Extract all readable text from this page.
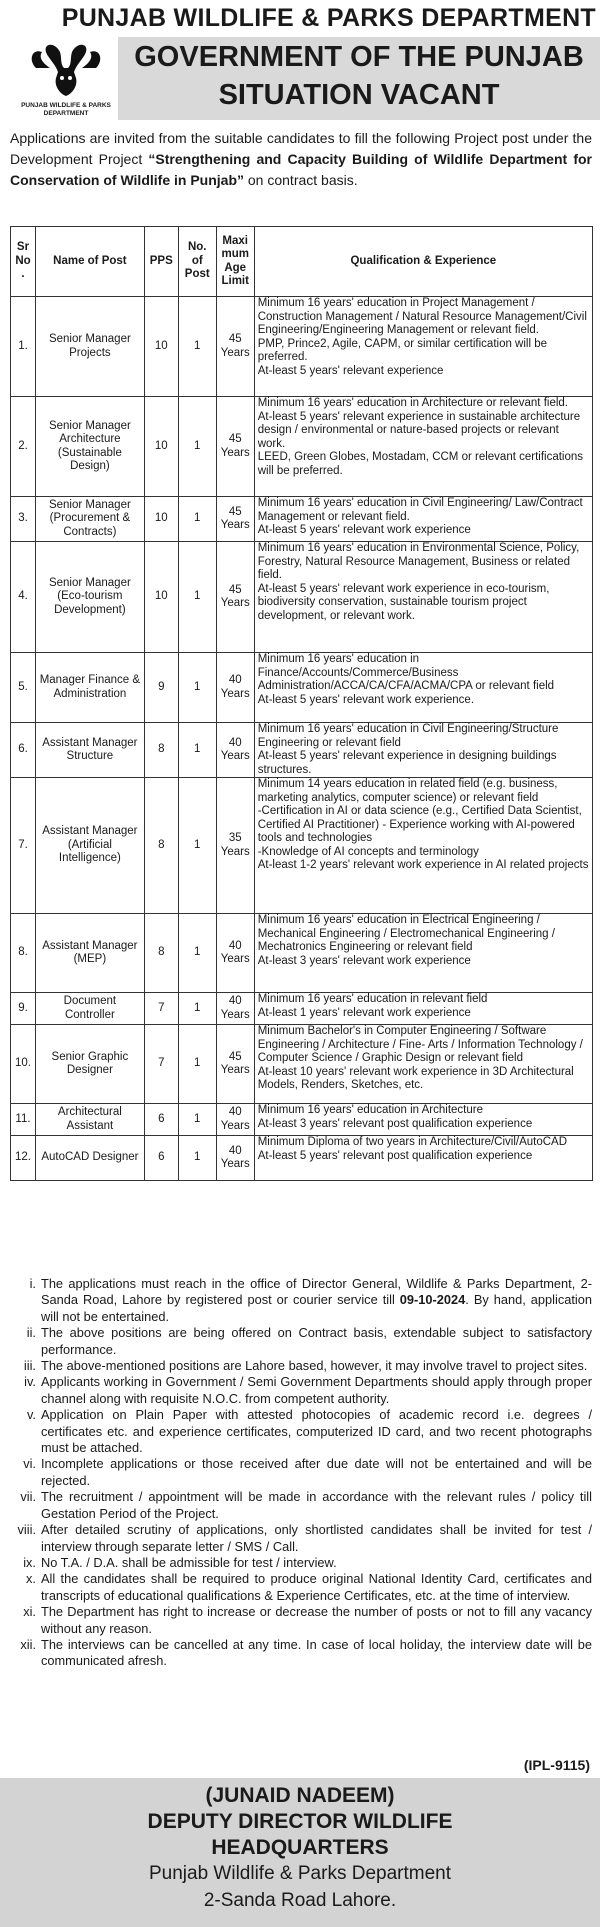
PUNJAB WILDLIFE & PARKS DEPARTMENT
PUNJAB WILDLIFE & PARKS
DEPARTMENT
GOVERNMENT OF THE PUNJAB
SITUATION VACANT
Applications are invited from the suitable candidates to fill the following Project post under the Development Project “Strengthening and Capacity Building of Wildlife Department for Conservation of Wildlife in Punjab” on contract basis.
Sr No .	Name of Post	PPS	No. of Post	Maxi mum Age Limit	Qualification & Experience
1.	Senior Manager Projects	10	1	45 Years	Minimum 16 years' education in Project Management / Construction Management / Natural Resource Management/Civil Engineering/Engineering Management or relevant field.
PMP, Prince2, Agile, CAPM, or similar certification will be preferred.
At-least 5 years' relevant experience

2.	Senior Manager Architecture (Sustainable Design)	10	1	45 Years	Minimum 16 years' education in Architecture or relevant field.
At-least 5 years' relevant experience in sustainable architecture design / environmental or nature-based projects or relevant work.
LEED, Green Globes, Mostadam, CCM or relevant certifications will be preferred.

3.	Senior Manager (Procurement & Contracts)	10	1	45 Years	Minimum 16 years' education in Civil Engineering/ Law/Contract Management or relevant field.
At-least 5 years' relevant work experience

4.	Senior Manager (Eco-tourism Development)	10	1	45 Years	Minimum 16 years' education in Environmental Science, Policy, Forestry, Natural Resource Management, Business or related field.
At-least 5 years' relevant work experience in eco-tourism, biodiversity conservation, sustainable tourism project development, or relevant work.

5.	Manager Finance & Administration	9	1	40 Years	Minimum 16 years' education in Finance/Accounts/Commerce/Business Administration/ACCA/CA/CFA/ACMA/CPA or relevant field
At-least 5 years' relevant work experience.

6.	Assistant Manager Structure	8	1	40 Years	Minimum 16 years' education in Civil Engineering/Structure Engineering or relevant field
At-least 5 years' relevant experience in designing buildings structures.

7.	Assistant Manager (Artificial Intelligence)	8	1	35 Years	Minimum 14 years education in related field (e.g. business, marketing analytics, computer science) or relevant field
-Certification in AI or data science (e.g., Certified Data Scientist, Certified AI Practitioner) - Experience working with AI-powered tools and technologies
-Knowledge of AI concepts and terminology
At-least 1-2 years' relevant work experience in AI related projects

8.	Assistant Manager (MEP)	8	1	40 Years	Minimum 16 years' education in Electrical Engineering / Mechanical Engineering / Electromechanical Engineering / Mechatronics Engineering or relevant field
At-least 3 years' relevant work experience

9.	Document Controller	7	1	40 Years	Minimum 16 years' education in relevant field
At-least 1 years' relevant work experience

10.	Senior Graphic Designer	7	1	45 Years	Minimum Bachelor's in Computer Engineering / Software Engineering / Architecture / Fine- Arts / Information Technology / Computer Science / Graphic Design or relevant field
At-least 10 years' relevant work experience in 3D Architectural Models, Renders, Sketches, etc.

11.	Architectural Assistant	6	1	40 Years	Minimum 16 years' education in Architecture
At-least 3 years' relevant post qualification experience

12.	AutoCAD Designer	6	1	40 Years	Minimum Diploma of two years in Architecture/Civil/AutoCAD
At-least 5 years' relevant post qualification experience
i. The applications must reach in the office of Director General, Wildlife & Parks Department, 2-Sanda Road, Lahore by registered post or courier service till 09-10-2024. By hand, application will not be entertained.
ii. The above positions are being offered on Contract basis, extendable subject to satisfactory performance.
iii. The above-mentioned positions are Lahore based, however, it may involve travel to project sites.
iv. Applicants working in Government / Semi Government Departments should apply through proper channel along with requisite N.O.C. from competent authority.
v. Application on Plain Paper with attested photocopies of academic record i.e. degrees / certificates etc. and experience certificates, computerized ID card, and two recent photographs must be attached.
vi. Incomplete applications or those received after due date will not be entertained and will be rejected.
vii. The recruitment / appointment will be made in accordance with the relevant rules / policy till Gestation Period of the Project.
viii. After detailed scrutiny of applications, only shortlisted candidates shall be invited for test / interview through separate letter / SMS / Call.
ix. No T.A. / D.A. shall be admissible for test / interview.
x. All the candidates shall be required to produce original National Identity Card, certificates and transcripts of educational qualifications & Experience Certificates, etc. at the time of interview.
xi. The Department has right to increase or decrease the number of posts or not to fill any vacancy without any reason.
xii. The interviews can be cancelled at any time. In case of local holiday, the interview date will be communicated afresh.
(IPL-9115)
(JUNAID NADEEM)
DEPUTY DIRECTOR WILDLIFE
HEADQUARTERS
Punjab Wildlife & Parks Department
2-Sanda Road Lahore.
